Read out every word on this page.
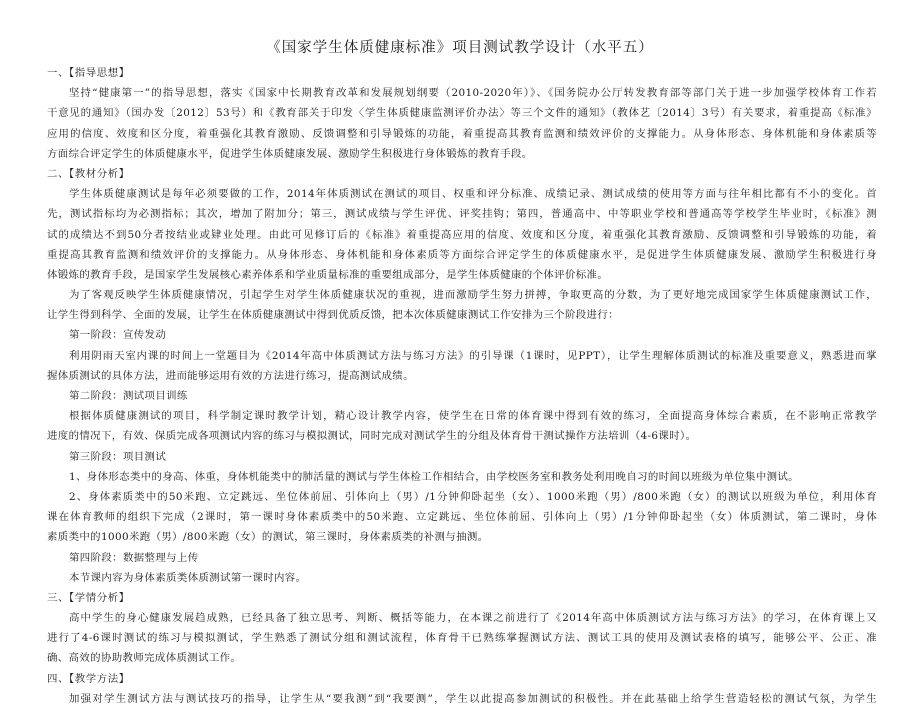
《国家学生体质健康标准》项目测试教学设计（水平五）
一、【指导思想】
坚持“健康第一”的指导思想，落实《国家中长期教育改革和发展规划纲要（2010-2020年）》、《国务院办公厅转发教育部等部门关于进一步加强学校体育工作若
干意见的通知》（国办发〔2012〕53号）和《教育部关于印发〈学生体质健康监测评价办法〉等三个文件的通知》（教体艺〔2014〕3号）有关要求，着重提高《标准》
应用的信度、效度和区分度，着重强化其教育激励、反馈调整和引导锻炼的功能，着重提高其教育监测和绩效评价的支撑能力。从身体形态、身体机能和身体素质等
方面综合评定学生的体质健康水平，促进学生体质健康发展、激励学生积极进行身体锻炼的教育手段。
二、【教材分析】
学生体质健康测试是每年必须要做的工作，2014年体质测试在测试的项目、权重和评分标准、成绩记录、测试成绩的使用等方面与往年相比都有不小的变化。首
先，测试指标均为必测指标；其次，增加了附加分；第三，测试成绩与学生评优、评奖挂钩；第四，普通高中、中等职业学校和普通高等学校学生毕业时，《标准》测
试的成绩达不到50分者按结业或肄业处理。由此可见修订后的《标准》着重提高应用的信度、效度和区分度，着重强化其教育激励、反馈调整和引导锻炼的功能，着
重提高其教育监测和绩效评价的支撑能力。从身体形态、身体机能和身体素质等方面综合评定学生的体质健康水平，是促进学生体质健康发展、激励学生积极进行身
体锻炼的教育手段，是国家学生发展核心素养体系和学业质量标准的重要组成部分，是学生体质健康的个体评价标准。
为了客观反映学生体质健康情况，引起学生对学生体质健康状况的重视，进而激励学生努力拼搏，争取更高的分数，为了更好地完成国家学生体质健康测试工作，
让学生得到科学、全面的发展，让学生在体质健康测试中得到优质反馈，把本次体质健康测试工作安排为三个阶段进行：
第一阶段：宣传发动
利用阴雨天室内课的时间上一堂题目为《2014年高中体质测试方法与练习方法》的引导课（1课时，见PPT），让学生理解体质测试的标准及重要意义，熟悉进而掌
握体质测试的具体方法，进而能够运用有效的方法进行练习，提高测试成绩。
第二阶段：测试项目训练
根据体质健康测试的项目，科学制定课时教学计划，精心设计教学内容，使学生在日常的体育课中得到有效的练习，全面提高身体综合素质，在不影响正常教学
进度的情况下，有效、保质完成各项测试内容的练习与模拟测试，同时完成对测试学生的分组及体育骨干测试操作方法培训（4-6课时）。
第三阶段：项目测试
1、身体形态类中的身高、体重，身体机能类中的肺活量的测试与学生体检工作相结合，由学校医务室和教务处利用晚自习的时间以班级为单位集中测试。
2、身体素质类中的50米跑、立定跳远、坐位体前屈、引体向上（男）/1分钟仰卧起坐（女）、1000米跑（男）/800米跑（女）的测试以班级为单位，利用体育
课在体育教师的组织下完成（2课时，第一课时身体素质类中的50米跑、立定跳远、坐位体前屈、引体向上（男）/1分钟仰卧起坐（女）体质测试，第二课时，身体
素质类中的1000米跑（男）/800米跑（女）的测试，第三课时，身体素质类的补测与抽测。
第四阶段：数据整理与上传
本节课内容为身体素质类体质测试第一课时内容。
三、【学情分析】
高中学生的身心健康发展趋成熟，已经具备了独立思考、判断、概括等能力，在本课之前进行了《2014年高中体质测试方法与练习方法》的学习，在体育课上又
进行了4-6课时测试的练习与模拟测试，学生熟悉了测试分组和测试流程，体育骨干已熟练掌握测试方法、测试工具的使用及测试表格的填写，能够公平、公正、准
确、高效的协助教师完成体质测试工作。
四、【教学方法】
加强对学生测试方法与测试技巧的指导，让学生从“要我测”到“我要测”，学生以此提高参加测试的积极性。并在此基础上给学生营造轻松的测试气氛，为学生
